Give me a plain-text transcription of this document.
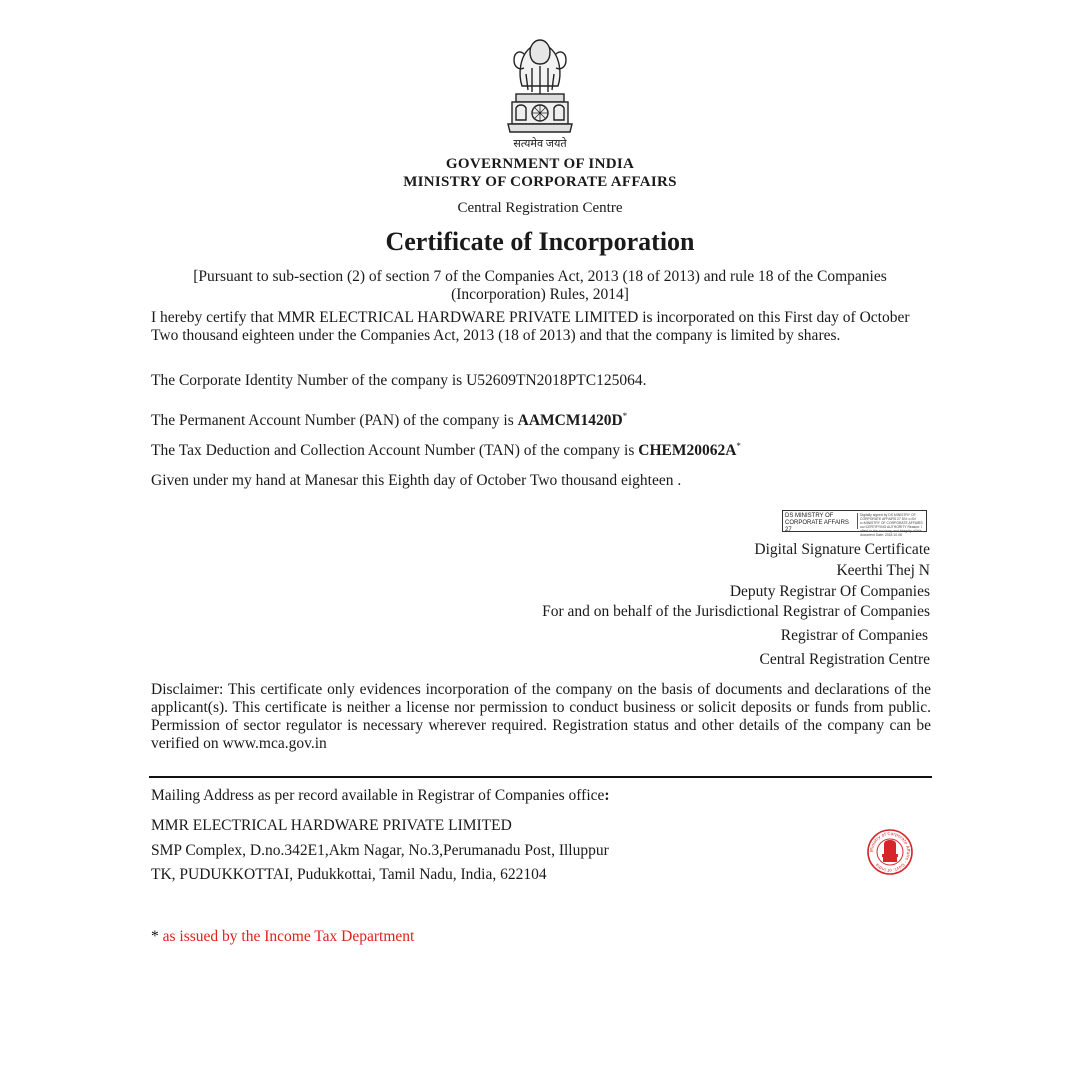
सत्यमेव जयते
GOVERNMENT OF INDIA
MINISTRY OF CORPORATE AFFAIRS
Central Registration Centre
Certificate of Incorporation
[Pursuant to sub-section (2) of section 7 of the Companies Act, 2013 (18 of 2013) and rule 18 of the Companies (Incorporation) Rules, 2014]
I hereby certify that MMR ELECTRICAL HARDWARE PRIVATE LIMITED is incorporated on this First day of October Two thousand eighteen under the Companies Act, 2013 (18 of 2013) and that the company is limited by shares.
The Corporate Identity Number of the company is U52609TN2018PTC125064.
The Permanent Account Number (PAN) of the company is AAMCM1420D*
The Tax Deduction and Collection Account Number (TAN) of the company is CHEM20062A*
Given under my hand at Manesar this Eighth day of October Two thousand eighteen .
DS MINISTRY OF CORPORATE AFFAIRS 27
Digitally signed by DS MINISTRY OF CORPORATE AFFAIRS 27 DN: c=IN o=MINISTRY OF CORPORATE AFFAIRS ou=CERTIFYING AUTHORITY Reason: I attest to the accuracy and integrity of this document Date: 2018.10.08
Digital Signature Certificate
Keerthi Thej N
Deputy Registrar Of Companies
For and on behalf of the Jurisdictional Registrar of Companies
Registrar of Companies
Central Registration Centre
Disclaimer: This certificate only evidences incorporation of the company on the basis of documents and declarations of the applicant(s). This certificate is neither a license nor permission to conduct business or solicit deposits or funds from public. Permission of sector regulator is necessary wherever required. Registration status and other details of the company can be verified on www.mca.gov.in
Mailing Address as per record available in Registrar of Companies office:
MMR ELECTRICAL HARDWARE PRIVATE LIMITED
SMP Complex, D.no.342E1,Akm Nagar, No.3,Perumanadu Post, Illuppur
TK, PUDUKKOTTAI, Pudukkottai, Tamil Nadu, India, 622104
Ministry of Corporate Affairs · Govt. of India
* as issued by the Income Tax Department
